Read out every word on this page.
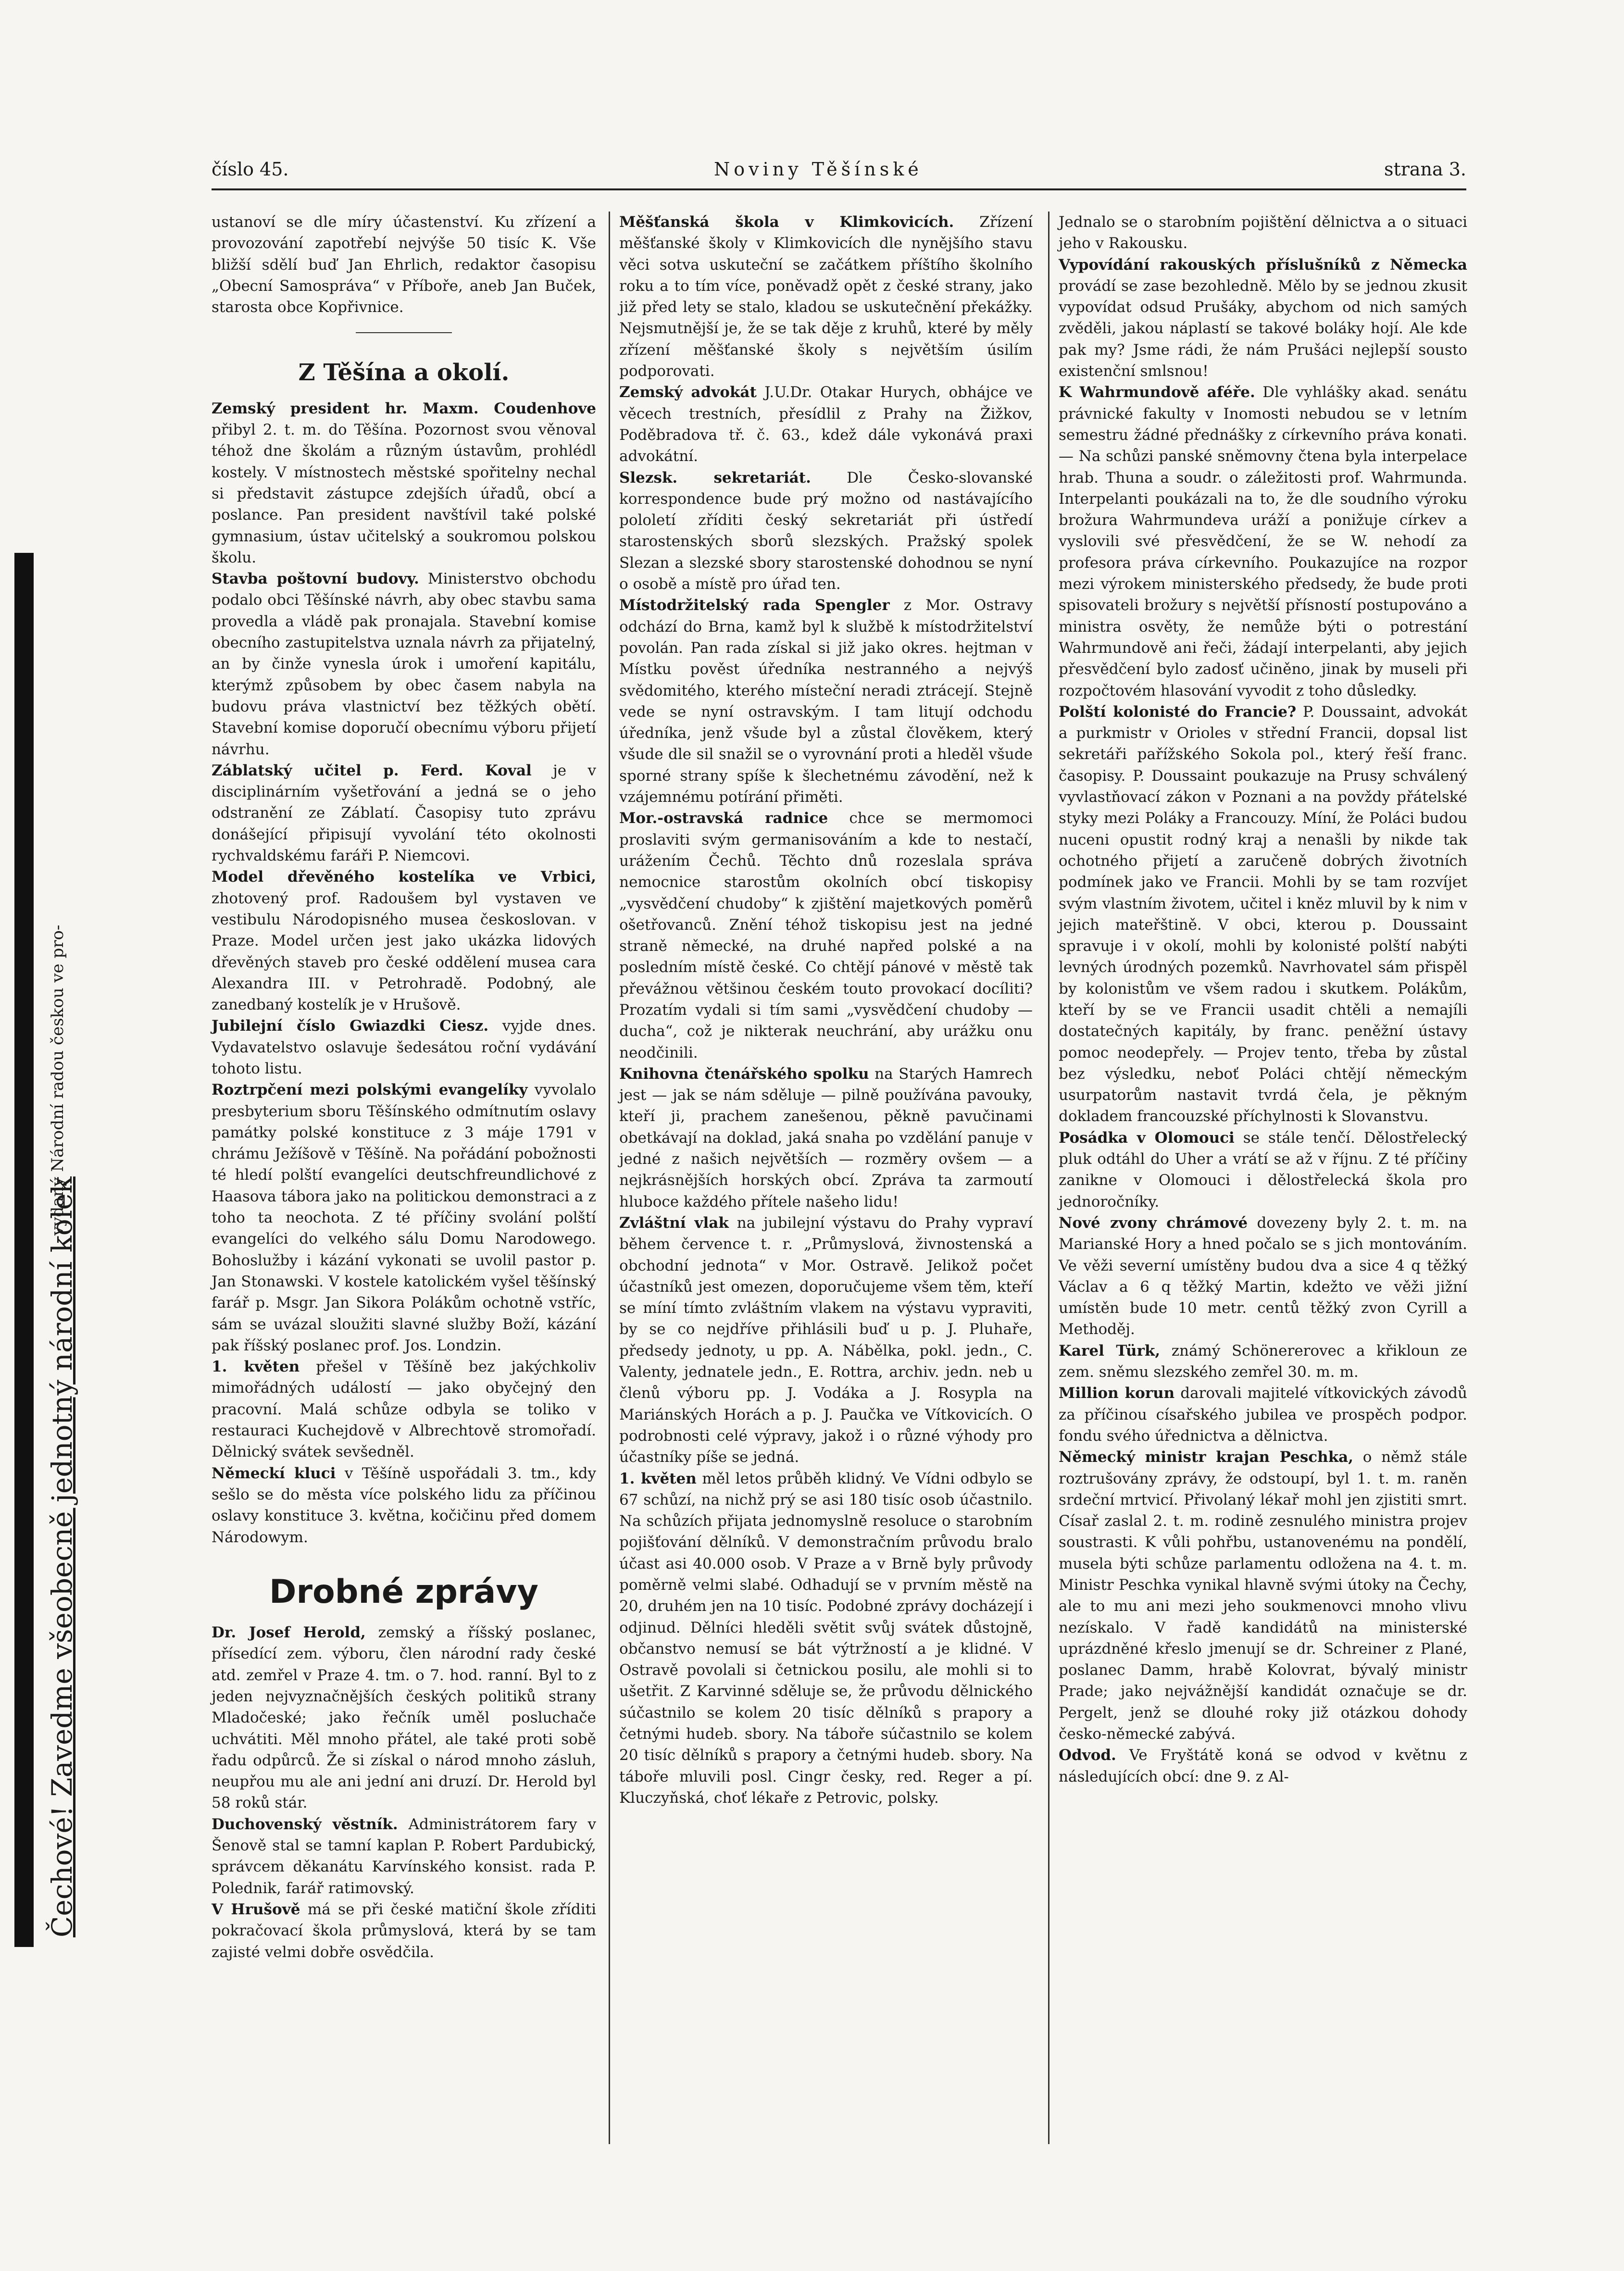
číslo 45.	Noviny Těšínské	strana 3.
Čechové! Zavedme všeobecně jednotný národní kolek
vydaný Národní radou českou ve pro-

ustanoví se dle míry účastenství. Ku zřízení a provozování zapotřebí nejvýše 50 tisíc K. Vše bližší sdělí buď Jan Ehrlich, redaktor časopisu „Obecní Samospráva“ v Příboře, aneb Jan Buček, starosta obce Kopřivnice.

Z Těšína a okolí.

Zemský president hr. Maxm. Coudenhove přibyl 2. t. m. do Těšína. Pozornost svou věnoval téhož dne školám a různým ústavům, prohlédl kostely. V místnostech městské spořitelny nechal si představit zástupce zdejších úřadů, obcí a poslance. Pan president navštívil také polské gymnasium, ústav učitelský a soukromou polskou školu.

Stavba poštovní budovy. Ministerstvo obchodu podalo obci Těšínské návrh, aby obec stavbu sama provedla a vládě pak pronajala. Stavební komise obecního zastupitelstva uznala návrh za přijatelný, an by činže vynesla úrok i umoření kapitálu, kterýmž způsobem by obec časem nabyla na budovu práva vlastnictví bez těžkých obětí. Stavební komise doporučí obecnímu výboru přijetí návrhu.

Záblatský učitel p. Ferd. Koval je v disciplinárním vyšetřování a jedná se o jeho odstranění ze Záblatí. Časopisy tuto zprávu donášející připisují vyvolání této okolnosti rychvaldskému faráři P. Niemcovi.

Model dřevěného kostelíka ve Vrbici, zhotovený prof. Radoušem byl vystaven ve vestibulu Národopisného musea českoslovan. v Praze. Model určen jest jako ukázka lidových dřevěných staveb pro české oddělení musea cara Alexandra III. v Petrohradě. Podobný, ale zanedbaný kostelík je v Hrušově.

Jubilejní číslo Gwiazdki Ciesz. vyjde dnes. Vydavatelstvo oslavuje šedesátou roční vydávání tohoto listu.

Roztrpčení mezi polskými evangelíky vyvolalo presbyterium sboru Těšínského odmítnutím oslavy památky polské konstituce z 3 máje 1791 v chrámu Ježíšově v Těšíně. Na pořádání pobožnosti té hledí polští evangelíci deutschfreundlichové z Haasova tábora jako na politickou demonstraci a z toho ta neochota. Z té příčiny svolání polští evangelíci do velkého sálu Domu Narodowego. Bohoslužby i kázání vykonati se uvolil pastor p. Jan Stonawski. V kostele katolickém vyšel těšínský farář p. Msgr. Jan Sikora Polákům ochotně vstříc, sám se uvázal sloužiti slavné služby Boží, kázání pak říšský poslanec prof. Jos. Londzin.

1. květen přešel v Těšíně bez jakýchkoliv mimořádných událostí — jako obyčejný den pracovní. Malá schůze odbyla se toliko v restauraci Kuchejdově v Albrechtově stromořadí. Dělnický svátek sevšedněl.

Německí kluci v Těšíně uspořádali 3. tm., kdy sešlo se do města více polského lidu za příčinou oslavy konstituce 3. května, kočičinu před domem Národowym.

Drobné zprávy

Dr. Josef Herold, zemský a říšský poslanec, přísedící zem. výboru, člen národní rady české atd. zemřel v Praze 4. tm. o 7. hod. ranní. Byl to z jeden nejvyznačnějších českých politiků strany Mladočeské; jako řečník uměl posluchače uchvátiti. Měl mnoho přátel, ale také proti sobě řadu odpůrců. Že si získal o národ mnoho zásluh, neupřou mu ale ani jední ani druzí. Dr. Herold byl 58 roků stár.

Duchovenský věstník. Administrátorem fary v Šenově stal se tamní kaplan P. Robert Pardubický, správcem děkanátu Karvínského konsist. rada P. Polednik, farář ratimovský.

V Hrušově má se při české matiční škole zříditi pokračovací škola průmyslová, která by se tam zajisté velmi dobře osvědčila.

Měšťanská škola v Klimkovicích. Zřízení měšťanské školy v Klimkovicích dle nynějšího stavu věci sotva uskuteční se začátkem příštího školního roku a to tím více, poněvadž opět z české strany, jako již před lety se stalo, kladou se uskutečnění překážky. Nejsmutnější je, že se tak děje z kruhů, které by měly zřízení měšťanské školy s největším úsilím podporovati.

Zemský advokát J.U.Dr. Otakar Hurych, obhájce ve věcech trestních, přesídlil z Prahy na Žižkov, Poděbradova tř. č. 63., kdež dále vykonává praxi advokátní.

Slezsk. sekretariát. Dle Česko-slovanské korrespondence bude prý možno od nastávajícího pololetí zříditi český sekretariát při ústředí starostenských sborů slezských. Pražský spolek Slezan a slezské sbory starostenské dohodnou se nyní o osobě a místě pro úřad ten.

Místodržitelský rada Spengler z Mor. Ostravy odchází do Brna, kamž byl k službě k místodržitelství povolán. Pan rada získal si již jako okres. hejtman v Místku pověst úředníka nestranného a nejvýš svědomitého, kterého místeční neradi ztrácejí. Stejně vede se nyní ostravským. I tam litují odchodu úředníka, jenž všude byl a zůstal člověkem, který všude dle sil snažil se o vyrovnání proti a hleděl všude sporné strany spíše k šlechetnému závodění, než k vzájemnému potírání přiměti.

Mor.-ostravská radnice chce se mermomoci proslaviti svým germanisováním a kde to nestačí, urážením Čechů. Těchto dnů rozeslala správa nemocnice starostům okolních obcí tiskopisy „vysvědčení chudoby“ k zjištění majetkových poměrů ošetřovanců. Znění téhož tiskopisu jest na jedné straně německé, na druhé napřed polské a na posledním místě české. Co chtějí pánové v městě tak převážnou většinou českém touto provokací docíliti? Prozatím vydali si tím sami „vysvědčení chudoby — ducha“, což je nikterak neuchrání, aby urážku onu neodčinili.

Knihovna čtenářského spolku na Starých Hamrech jest — jak se nám sděluje — pilně používána pavouky, kteří ji, prachem zanešenou, pěkně pavučinami obetkávají na doklad, jaká snaha po vzdělání panuje v jedné z našich největších — rozměry ovšem — a nejkrásnějších horských obcí. Zpráva ta zarmoutí hluboce každého přítele našeho lidu!

Zvláštní vlak na jubilejní výstavu do Prahy vypraví během července t. r. „Průmyslová, živnostenská a obchodní jednota“ v Mor. Ostravě. Jelikož počet účastníků jest omezen, doporučujeme všem těm, kteří se míní tímto zvláštním vlakem na výstavu vypraviti, by se co nejdříve přihlásili buď u p. J. Pluhaře, předsedy jednoty, u pp. A. Nábělka, pokl. jedn., C. Valenty, jednatele jedn., E. Rottra, archiv. jedn. neb u členů výboru pp. J. Vodáka a J. Rosypla na Mariánských Horách a p. J. Paučka ve Vítkovicích. O podrobnosti celé výpravy, jakož i o různé výhody pro účastníky píše se jedná.

1. květen měl letos průběh klidný. Ve Vídni odbylo se 67 schůzí, na nichž prý se asi 180 tisíc osob účastnilo. Na schůzích přijata jednomyslně resoluce o starobním pojišťování dělníků. V demonstračním průvodu bralo účast asi 40.000 osob. V Praze a v Brně byly průvody poměrně velmi slabé. Odhadují se v prvním městě na 20, druhém jen na 10 tisíc. Podobné zprávy docházejí i odjinud. Dělníci hleděli světit svůj svátek důstojně, občanstvo nemusí se bát výtržností a je klidné. V Ostravě povolali si četnickou posilu, ale mohli si to ušetřit. Z Karvinné sděluje se, že průvodu dělnického súčastnilo se kolem 20 tisíc dělníků s prapory a četnými hudeb. sbory. Na táboře súčastnilo se kolem 20 tisíc dělníků s prapory a četnými hudeb. sbory. Na táboře mluvili posl. Cingr česky, red. Reger a pí. Kluczyňská, choť lékaře z Petrovic, polsky.

Jednalo se o starobním pojištění dělnictva a o situaci jeho v Rakousku.

Vypovídání rakouských příslušníků z Německa provádí se zase bezohledně. Mělo by se jednou zkusit vypovídat odsud Prušáky, abychom od nich samých zvěděli, jakou náplastí se takové boláky hojí. Ale kde pak my? Jsme rádi, že nám Prušáci nejlepší sousto existenční smlsnou!

K Wahrmundově aféře. Dle vyhlášky akad. senátu právnické fakulty v Inomosti nebudou se v letním semestru žádné přednášky z církevního práva konati. — Na schůzi panské sněmovny čtena byla interpelace hrab. Thuna a soudr. o záležitosti prof. Wahrmunda. Interpelanti poukázali na to, že dle soudního výroku brožura Wahrmundeva uráží a ponižuje církev a vyslovili své přesvědčení, že se W. nehodí za profesora práva církevního. Poukazujíce na rozpor mezi výrokem ministerského předsedy, že bude proti spisovateli brožury s největší přísností postupováno a ministra osvěty, že nemůže býti o potrestání Wahrmundově ani řeči, žádají interpelanti, aby jejich přesvědčení bylo zadosť učiněno, jinak by museli při rozpočtovém hlasování vyvodit z toho důsledky.

Polští kolonisté do Francie? P. Doussaint, advokát a purkmistr v Orioles v střední Francii, dopsal list sekretáři pařížského Sokola pol., který řeší franc. časopisy. P. Doussaint poukazuje na Prusy schválený vyvlastňovací zákon v Poznani a na povždy přátelské styky mezi Poláky a Francouzy. Míní, že Poláci budou nuceni opustit rodný kraj a nenašli by nikde tak ochotného přijetí a zaručeně dobrých životních podmínek jako ve Francii. Mohli by se tam rozvíjet svým vlastním životem, učitel i kněz mluvil by k nim v jejich mateřštině. V obci, kterou p. Doussaint spravuje i v okolí, mohli by kolonisté polští nabýti levných úrodných pozemků. Navrhovatel sám přispěl by kolonistům ve všem radou i skutkem. Polákům, kteří by se ve Francii usadit chtěli a nemajíli dostatečných kapitály, by franc. peněžní ústavy pomoc neodepřely. — Projev tento, třeba by zůstal bez výsledku, neboť Poláci chtějí německým usurpatorům nastavit tvrdá čela, je pěkným dokladem francouzské příchylnosti k Slovanstvu.

Posádka v Olomouci se stále tenčí. Dělostřelecký pluk odtáhl do Uher a vrátí se až v říjnu. Z té příčiny zanikne v Olomouci i dělostřelecká škola pro jednoročníky.

Nové zvony chrámové dovezeny byly 2. t. m. na Marianské Hory a hned počalo se s jich montováním. Ve věži severní umístěny budou dva a sice 4 q těžký Václav a 6 q těžký Martin, kdežto ve věži jižní umístěn bude 10 metr. centů těžký zvon Cyrill a Methoděj.

Karel Türk, známý Schönererovec a křikloun ze zem. sněmu slezského zemřel 30. m. m.

Million korun darovali majitelé vítkovických závodů za příčinou císařského jubilea ve prospěch podpor. fondu svého úřednictva a dělnictva.

Německý ministr krajan Peschka, o němž stále roztrušovány zprávy, že odstoupí, byl 1. t. m. raněn srdeční mrtvicí. Přivolaný lékař mohl jen zjistiti smrt. Císař zaslal 2. t. m. rodině zesnulého ministra projev soustrasti. K vůli pohřbu, ustanovenému na pondělí, musela býti schůze parlamentu odložena na 4. t. m. Ministr Peschka vynikal hlavně svými útoky na Čechy, ale to mu ani mezi jeho soukmenovci mnoho vlivu nezískalo. V řadě kandidátů na ministerské uprázdněné křeslo jmenují se dr. Schreiner z Plané, poslanec Damm, hrabě Kolovrat, bývalý ministr Prade; jako nejvážnější kandidát označuje se dr. Pergelt, jenž se dlouhé roky již otázkou dohody česko-německé zabývá.

Odvod. Ve Fryštátě koná se odvod v květnu z následujících obcí: dne 9. z Al-
